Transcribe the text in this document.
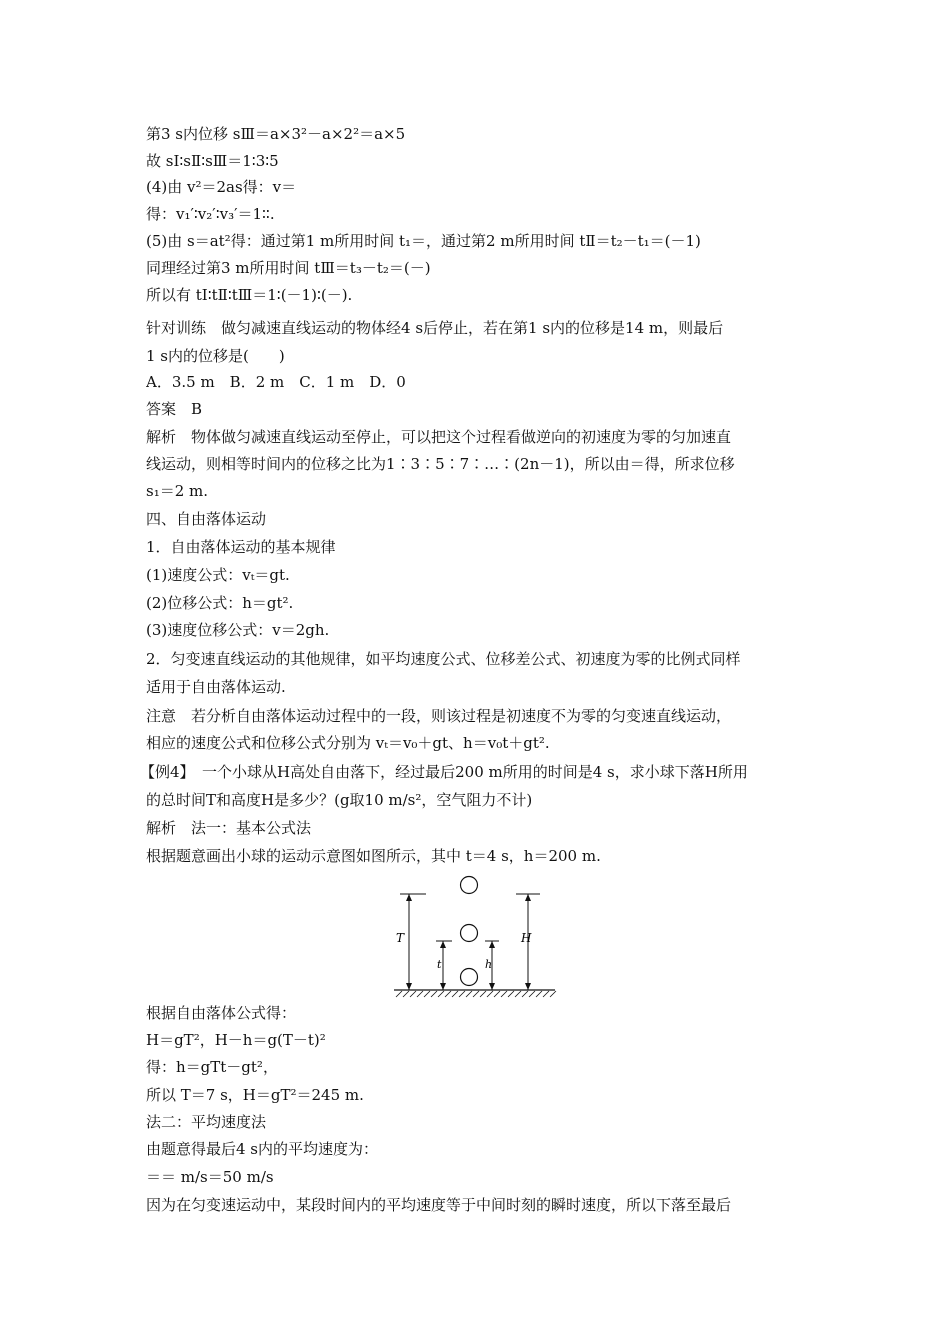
第3 s内位移 sⅢ＝a×3²－a×2²＝a×5
故 sⅠ∶sⅡ∶sⅢ＝1∶3∶5
(4)由 v²＝2as得：v＝
得：v₁′∶v₂′∶v₃′＝1∶∶.
(5)由 s＝at²得：通过第1 m所用时间 t₁＝，通过第2 m所用时间 tⅡ＝t₂－t₁＝(－1)
同理经过第3 m所用时间 tⅢ＝t₃－t₂＝(－)
所以有 tⅠ∶tⅡ∶tⅢ＝1∶(－1)∶(－).
针对训练　做匀减速直线运动的物体经4 s后停止，若在第1 s内的位移是14 m，则最后
1 s内的位移是(　　)
A．3.5 m　B．2 m　C．1 m　D．0
答案　B
解析　物体做匀减速直线运动至停止，可以把这个过程看做逆向的初速度为零的匀加速直
线运动，则相等时间内的位移之比为1∶3∶5∶7∶…∶(2n－1)，所以由＝得，所求位移
s₁＝2 m.
四、自由落体运动
1．自由落体运动的基本规律
(1)速度公式：vₜ＝gt.
(2)位移公式：h＝gt².
(3)速度位移公式：v＝2gh.
2．匀变速直线运动的其他规律，如平均速度公式、位移差公式、初速度为零的比例式同样
适用于自由落体运动.
注意　若分析自由落体运动过程中的一段，则该过程是初速度不为零的匀变速直线运动，
相应的速度公式和位移公式分别为 vₜ＝v₀＋gt、h＝v₀t＋gt².
【例4】　一个小球从H高处自由落下，经过最后200 m所用的时间是4 s，求小球下落H所用
的总时间T和高度H是多少？(g取10 m/s²，空气阻力不计)
解析　法一：基本公式法
根据题意画出小球的运动示意图如图所示，其中 t＝4 s，h＝200 m.
T
t	h
H
根据自由落体公式得：
H＝gT²，H－h＝g(T－t)²
得：h＝gTt－gt²，
所以 T＝7 s，H＝gT²＝245 m.
法二：平均速度法
由题意得最后4 s内的平均速度为：
＝＝ m/s＝50 m/s
因为在匀变速运动中，某段时间内的平均速度等于中间时刻的瞬时速度，所以下落至最后
